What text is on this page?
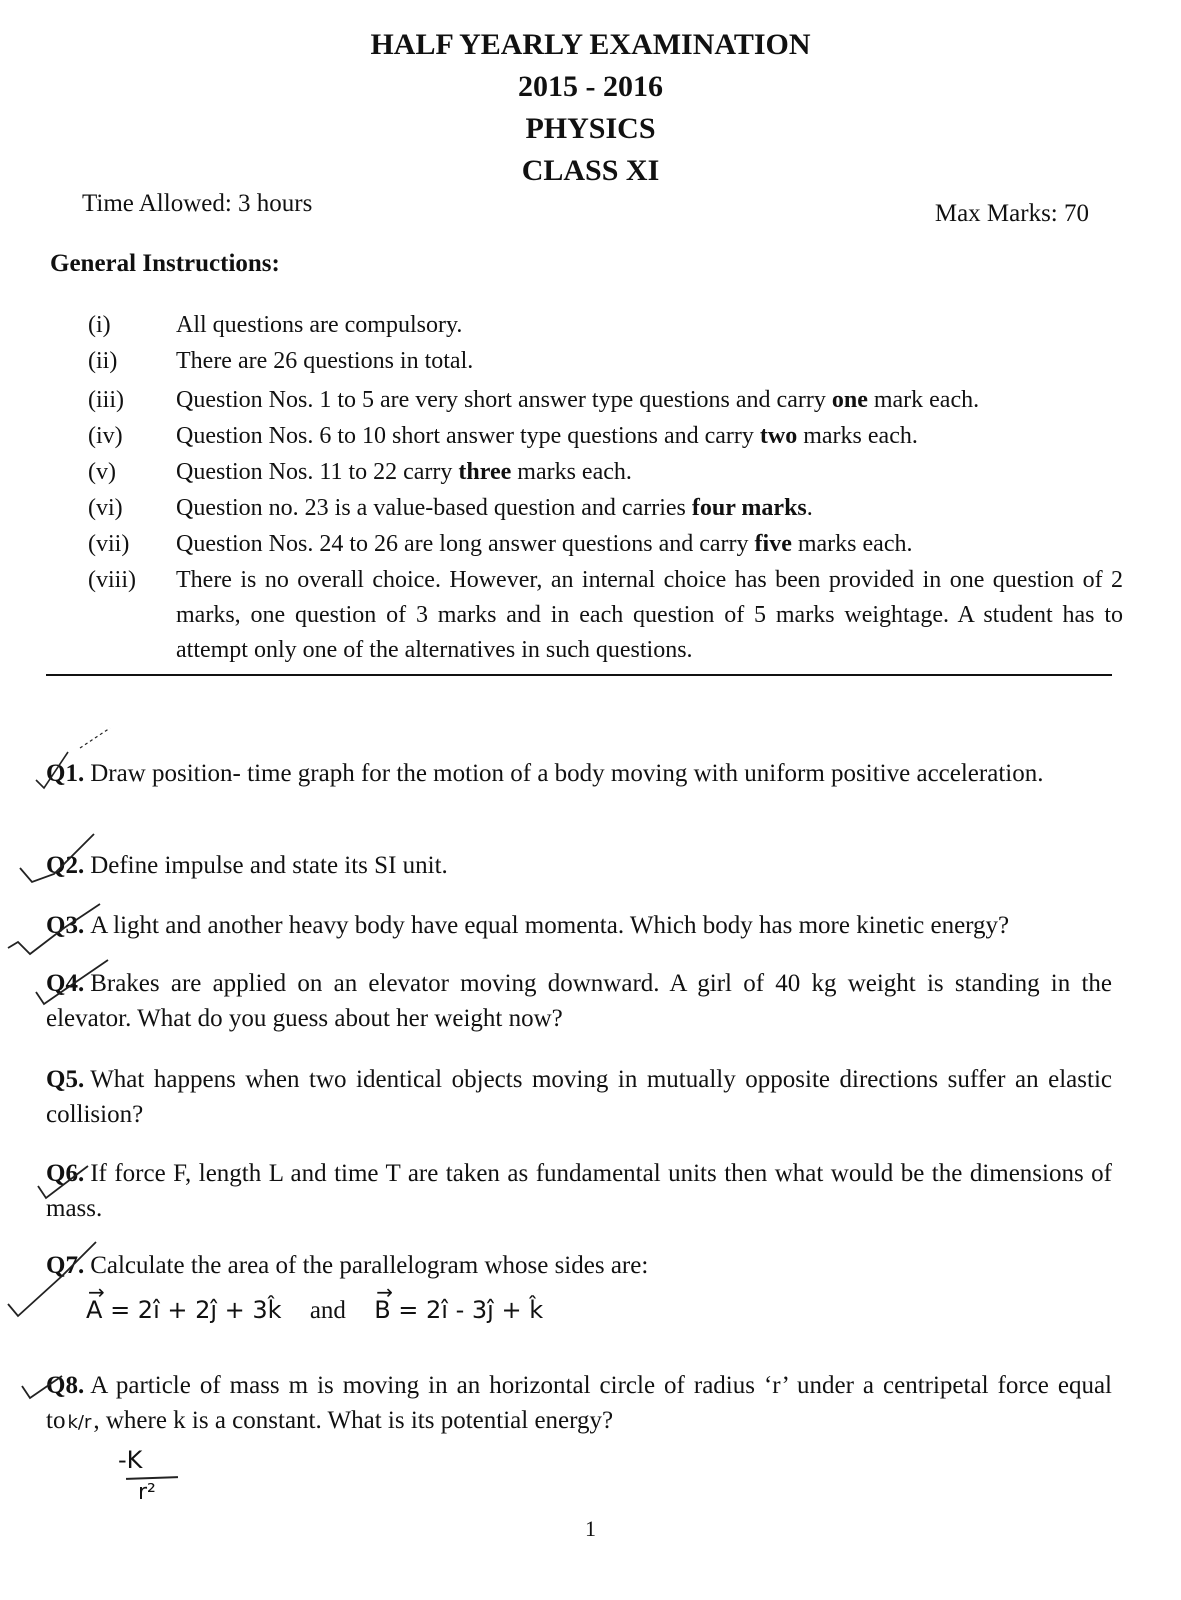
HALF YEARLY EXAMINATION
2015 - 2016
PHYSICS
CLASS XI
Time Allowed: 3 hours	Max Marks: 70
General Instructions:
(i)	All questions are compulsory.
(ii)	There are 26 questions in total.
(iii)	Question Nos. 1 to 5 are very short answer type questions and carry one mark each.
(iv)	Question Nos. 6 to 10 short answer type questions and carry two marks each.
(v)	Question Nos. 11 to 22 carry three marks each.
(vi)	Question no. 23 is a value-based question and carries four marks.
(vii)	Question Nos. 24 to 26 are long answer questions and carry five marks each.
(viii)	There is no overall choice. However, an internal choice has been provided in one question of 2 marks, one question of 3 marks and in each question of 5 marks weightage. A student has to attempt only one of the alternatives in such questions.
Q1. Draw position- time graph for the motion of a body moving with uniform positive acceleration.
Q2. Define impulse and state its SI unit.
Q3. A light and another heavy body have equal momenta. Which body has more kinetic energy?
Q4. Brakes are applied on an elevator moving downward. A girl of 40 kg weight is standing in the elevator. What do you guess about her weight now?
Q5. What happens when two identical objects moving in mutually opposite directions suffer an elastic collision?
Q6. If force F, length L and time T are taken as fundamental units then what would be the dimensions of mass.
Q7. Calculate the area of the parallelogram whose sides are:
→
A = 2î + 2ĵ + 3k̂ and
→
B = 2î - 3ĵ + k̂
Q8. A particle of mass m is moving in an horizontal circle of radius ‘r’ under a centripetal force equal to k/r, where k is a constant. What is its potential energy?
-K
r²
1
